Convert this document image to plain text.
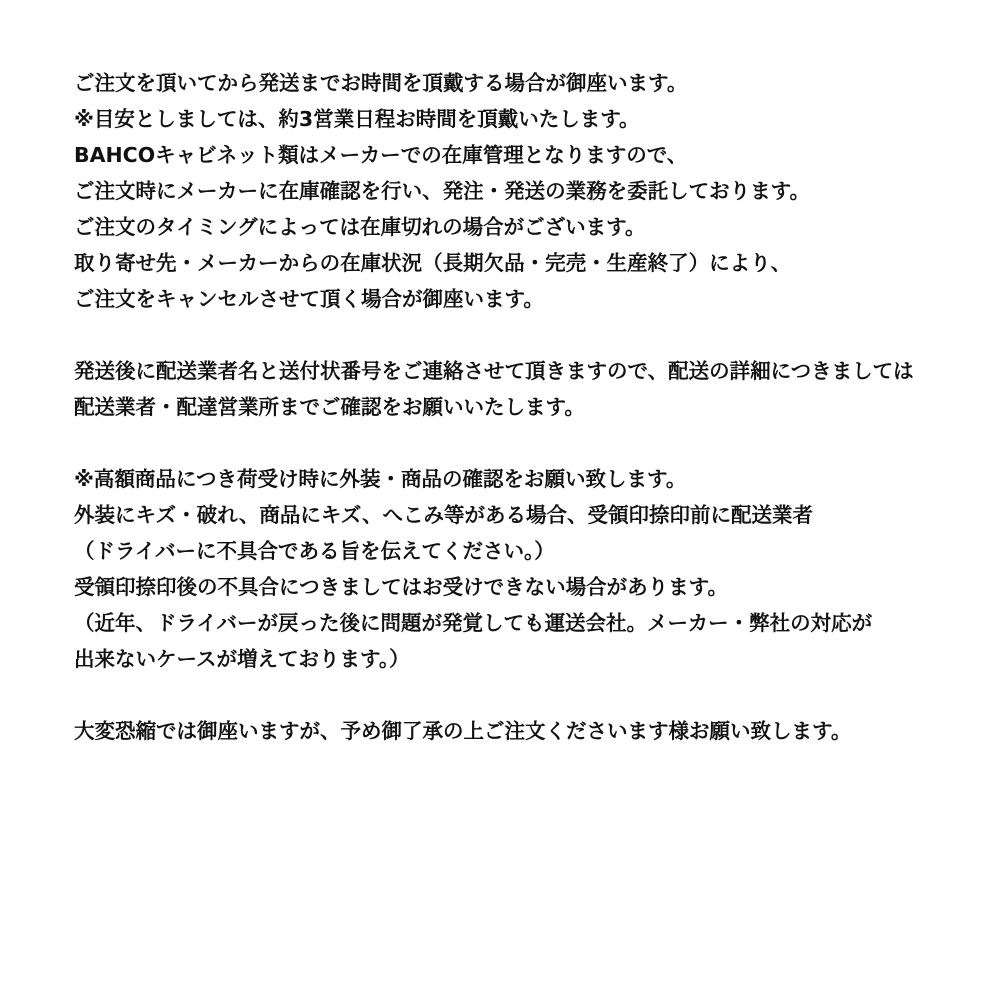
ご注文を頂いてから発送までお時間を頂戴する場合が御座います。

※目安としましては、約3営業日程お時間を頂戴いたします。

BAHCOキャビネット類はメーカーでの在庫管理となりますので、

ご注文時にメーカーに在庫確認を行い、発注・発送の業務を委託しております。

ご注文のタイミングによっては在庫切れの場合がございます。

取り寄せ先・メーカーからの在庫状況（長期欠品・完売・生産終了）により、

ご注文をキャンセルさせて頂く場合が御座います。

発送後に配送業者名と送付状番号をご連絡させて頂きますので、配送の詳細につきましては

配送業者・配達営業所までご確認をお願いいたします。

※高額商品につき荷受け時に外装・商品の確認をお願い致します。

外装にキズ・破れ、商品にキズ、へこみ等がある場合、受領印捺印前に配送業者

（ドライバーに不具合である旨を伝えてください。）

受領印捺印後の不具合につきましてはお受けできない場合があります。

（近年、ドライバーが戻った後に問題が発覚しても運送会社。メーカー・弊社の対応が

出来ないケースが増えております。）

大変恐縮では御座いますが、予め御了承の上ご注文くださいます様お願い致します。
